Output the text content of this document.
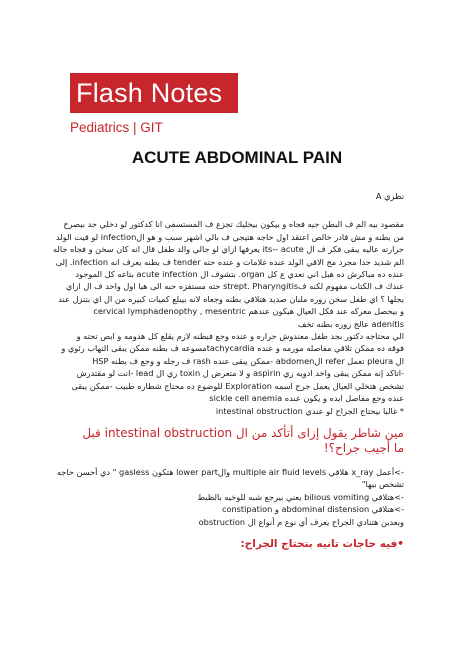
Flash Notes
Pediatrics | GIT
ACUTE ABDOMINAL PAIN
نظري A
مقصود بيه الم ف البطن جيه فجاه و بيكون بيخليك تجزع ف المستسفى انا كدكتور لو دخلي حد بيصرخ
من بطنه و مش قادر خالص اعتقد اول حاجه هتيجي ف بالي اشهر سبب و هو الinfection لو قيت الولد
حرارته عاليه يبقى فكر ف ال its-- acute يعرفها ازاي لو جالي والد طفل قال انه كان سخن و فجاه جاله
الم شديد جدا مجرد مج الاقي الولد عنده غلامات و عنده حته tender ف بطنه يعرف انه infection. إلى
عنده ده مباكرش ده هبل اني تعدي ع كل organ. بتشوف ال acute infection بتاعه كل الموجود
عندك ف الكتاب مفهوم لكنه فstrept. Pharyngitis حته مستفزه حبه الى هيا اول واحد ف ال ازاي
يجلها ؟ اي طفل سخن زوره ملبان صديد هتلاقي بطنه وجعاه لانه بيبلع كميات كبيره من ال اي بتنزل عند
و بيحصل معركه عند فكل العيال هيكون عندهم cervical lymphadenopthy , mesentric
adenitis عالج زوره بطنه تخف
الي محتاجه دكتور بجد طفل معندوش حراره و عنده وجع فبطنه لازم يقلع كل هدومه و ابص تحته و
فوقه ده ممكن تلاقي مفاصله مورمه و عنده tachycardiaمسوعه ف بطنه ممكن يبقى التهاب رئوي و
ال pleura تعمل refer الabdomen -ممكن يبقى عنده rash ف رجله و وجع ف بطنه HSP
-اتاكد إنه ممكن يبقى واخد ادويه زي aspirin و لا متعرض ل toxin زي ال lead -انت لو مقتدرش
تشخص هتخلي العيال يعمل جرح اسمه Exploration للوضوع ده محتاج شطاره طبيب -ممكن يبقى
عنده وجع مفاصل ايده و يكون عنده sickle cell anemia
* غالبا بيحتاج الجراح لو عندي intestinal obstruction
مين شاطر يقول إزاى أتأكد من ال intestinal obstruction قبل ما أجيب جراح؟!
->أعمل x_ray هلاقي multiple air fluid levels والlower part هتكون gasless " دي أحسن حاجه
تشخص بيها"
->هتلاقي bilious vomiting يعني بيرجع شبه للوخيه بالظبط
->هتلاقي abdominal distension و constipation
وبعدين هتنادي الجراح يعرف أي نوع م أنواع ال obstruction
•فيه حاجات تانيه بتحتاج الجراح:
